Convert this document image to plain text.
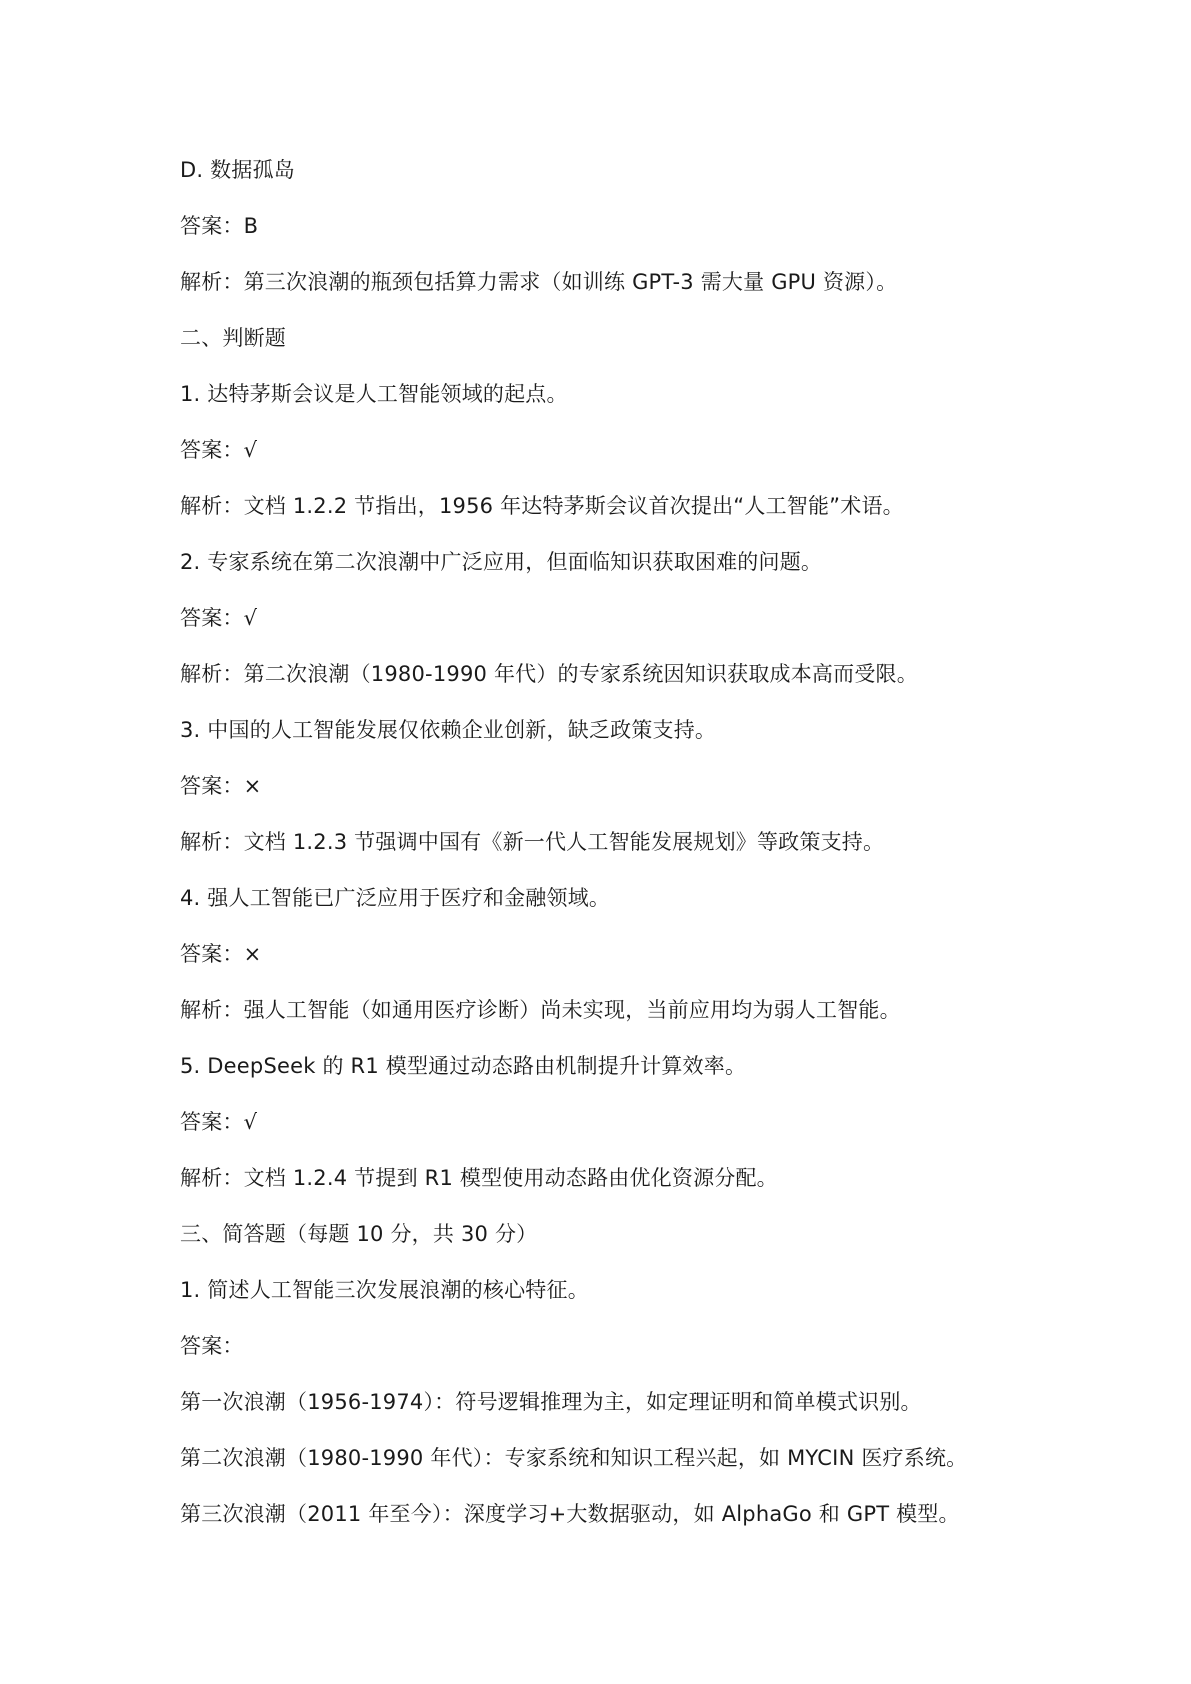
D. 数据孤岛
答案：B
解析：第三次浪潮的瓶颈包括算力需求（如训练 GPT-3 需大量 GPU 资源）。
二、判断题
1. 达特茅斯会议是人工智能领域的起点。
答案：√
解析：文档 1.2.2 节指出，1956 年达特茅斯会议首次提出“人工智能”术语。
2. 专家系统在第二次浪潮中广泛应用，但面临知识获取困难的问题。
答案：√
解析：第二次浪潮（1980-1990 年代）的专家系统因知识获取成本高而受限。
3. 中国的人工智能发展仅依赖企业创新，缺乏政策支持。
答案：×
解析：文档 1.2.3 节强调中国有《新一代人工智能发展规划》等政策支持。
4. 强人工智能已广泛应用于医疗和金融领域。
答案：×
解析：强人工智能（如通用医疗诊断）尚未实现，当前应用均为弱人工智能。
5. DeepSeek 的 R1 模型通过动态路由机制提升计算效率。
答案：√
解析：文档 1.2.4 节提到 R1 模型使用动态路由优化资源分配。
三、简答题（每题 10 分，共 30 分）
1. 简述人工智能三次发展浪潮的核心特征。
答案：
第一次浪潮（1956-1974）：符号逻辑推理为主，如定理证明和简单模式识别。
第二次浪潮（1980-1990 年代）：专家系统和知识工程兴起，如 MYCIN 医疗系统。
第三次浪潮（2011 年至今）：深度学习+大数据驱动，如 AlphaGo 和 GPT 模型。
